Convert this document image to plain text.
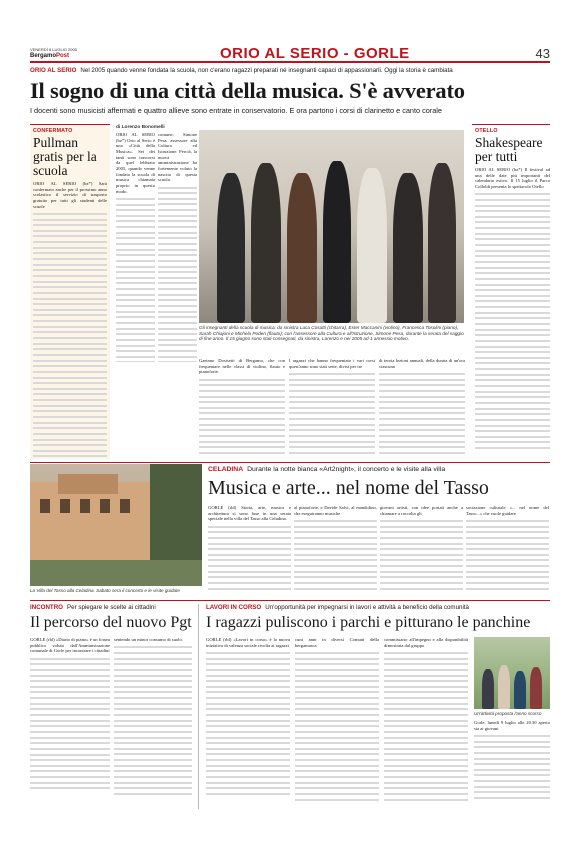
VENERDÌ 8 LUGLIO 2005
BergamoPost	ORIO AL SERIO - GORLE	43
ORIO AL SERIO Nel 2005 quando venne fondata la scuola, non c'erano ragazzi preparati né insegnanti capaci di appassionarli. Oggi la storia è cambiata
Il sogno di una città della musica. S'è avverato
I docenti sono musicisti affermati e quattro allieve sono entrate in conservatorio. E ora partono i corsi di clarinetto e canto corale
CONFERMATO
Pullman gratis per la scuola
ORIO AL SERIO (bz*) Sarà confermato anche per il prossimo anno scolastico il servizio di trasporto gratuito per tutti gli studenti delle scuole
di Lorenzo Bonomelli
ORIO AL SERIO (bz*) Orio al Serio è una «Città della Musica». Sei dei tanti sono trascorsi da quel febbraio 2005, quando venne fondata la scuola di musica chiamata proprio in questo modo.
comune, Simone Pesa, assessore alla Cultura ed Istruzione. Perciò, la nuova amministrazione ha fortemente voluto la nascita di questa scuola.
Gli insegnanti della scuola di musica: da sinistra Luca Cosatti (chitarra), Ester Maccanini (violino), Francesca Tosolini (piano), Sarah Chiajoni e Michela Poderi (flauto); con l'assessore alla Cultura e all'Istruzione, Simone Pesa, durante la serata del saggio di fine anno. Il 15 giugno sono stati consegnati, da sinistra, Lorenzo e nei 2005 ad 1 annessio motivo.
Gaetano Dosisetti di Bergamo, che con frequentare nelle classi di violino, flauto e pianoforte.
I ragazzi che hanno frequentato i vari corsi quest'anno sono stati sette, divisi per tre
di teoria lezioni annuali, della durata di un'ora ciascuna
OTELLO
Shakespeare per tutti
ORIO AL SERIO (bz*) Il festival ad una delle date più importanti del calendario estivo. Il 15 luglio il Parco Colloldi presenta lo spettacolo Otello
La Villa del Tasso alla Celadina. Sabato sera il concerto e le visite guidate
CELADINA Durante la notte bianca «Art2night», il concerto e le visite alla villa
Musica e arte... nel nome del Tasso
GORLE (rbl) Storia, arte, musica e architettura si sono fuse in una serata speciale nella villa del Tasso alla Celadina.
al pianoforte, e Davide Salvi, al mandolino, che eseguiranno musiche
giovani artisti, con idee portati anche a chiamare a raccolta gli
sociazione culturale «... nel nome del Tasso...» che vuole guidare
INCONTRO Per spiegare le scelte ai cittadini
Il percorso del nuovo Pgt
GORLE (rbl) «Diario di piano» è un forum pubblico voluto dall'Amministrazione comunale di Gorle per incontrare i cittadini
sentendo un minor consumo di suolo.
LAVORI IN CORSO Un'opportunità per impegnarsi in lavori e attività a beneficio della comunità
I ragazzi puliscono i parchi e pitturano le panchine
GORLE (rbl) «Lavori in corso» è la nuova iniziativa di valenza sociale rivolta ai ragazzi
cuni anni in diversi Comuni della bergamasca
commissario all'impegno e alla disponibilità dimostrata dal gruppo
Un'attività proposta l'anno scorso
Gorle, lunedì 9 luglio alle 20.30 aperto sia ai giovani
